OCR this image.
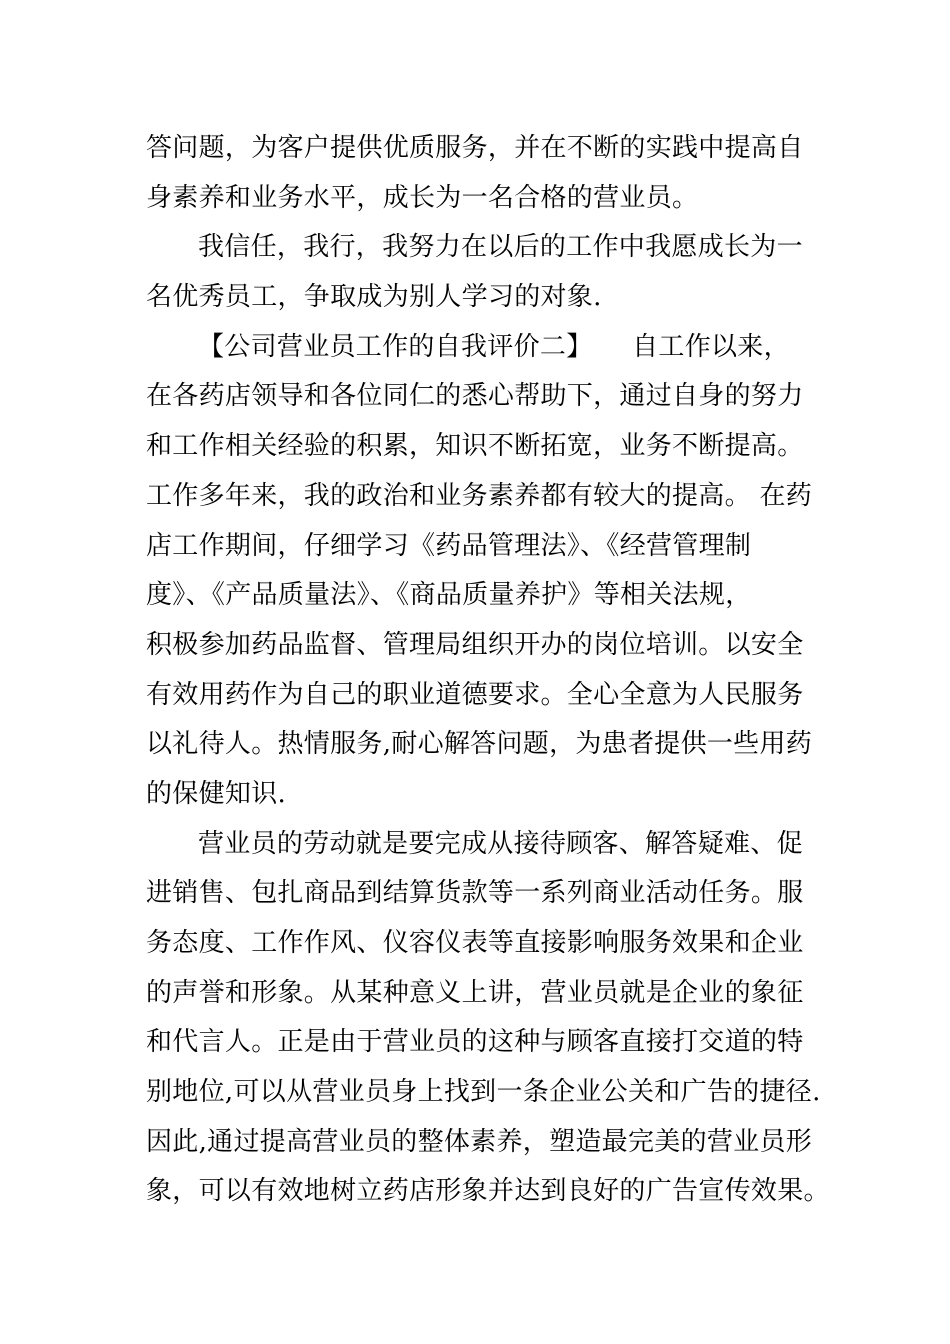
答问题，为客户提供优质服务，并在不断的实践中提高自
身素养和业务水平，成长为一名合格的营业员。
我信任，我行，我努力在以后的工作中我愿成长为一
名优秀员工，争取成为别人学习的对象.
【公司营业员工作的自我评价二】　　自工作以来，
在各药店领导和各位同仁的悉心帮助下，通过自身的努力
和工作相关经验的积累，知识不断拓宽，业务不断提高。
工作多年来，我的政治和业务素养都有较大的提高。 在药
店工作期间，仔细学习《药品管理法》、《经营管理制
度》、《产品质量法》、《商品质量养护》等相关法规，
积极参加药品监督、管理局组织开办的岗位培训。以安全
有效用药作为自己的职业道德要求。全心全意为人民服务
以礼待人。热情服务,耐心解答问题，为患者提供一些用药
的保健知识.
营业员的劳动就是要完成从接待顾客、解答疑难、促
进销售、包扎商品到结算货款等一系列商业活动任务。服
务态度、工作作风、仪容仪表等直接影响服务效果和企业
的声誉和形象。从某种意义上讲，营业员就是企业的象征
和代言人。正是由于营业员的这种与顾客直接打交道的特
别地位,可以从营业员身上找到一条企业公关和广告的捷径.
因此,通过提高营业员的整体素养，塑造最完美的营业员形
象，可以有效地树立药店形象并达到良好的广告宣传效果。
